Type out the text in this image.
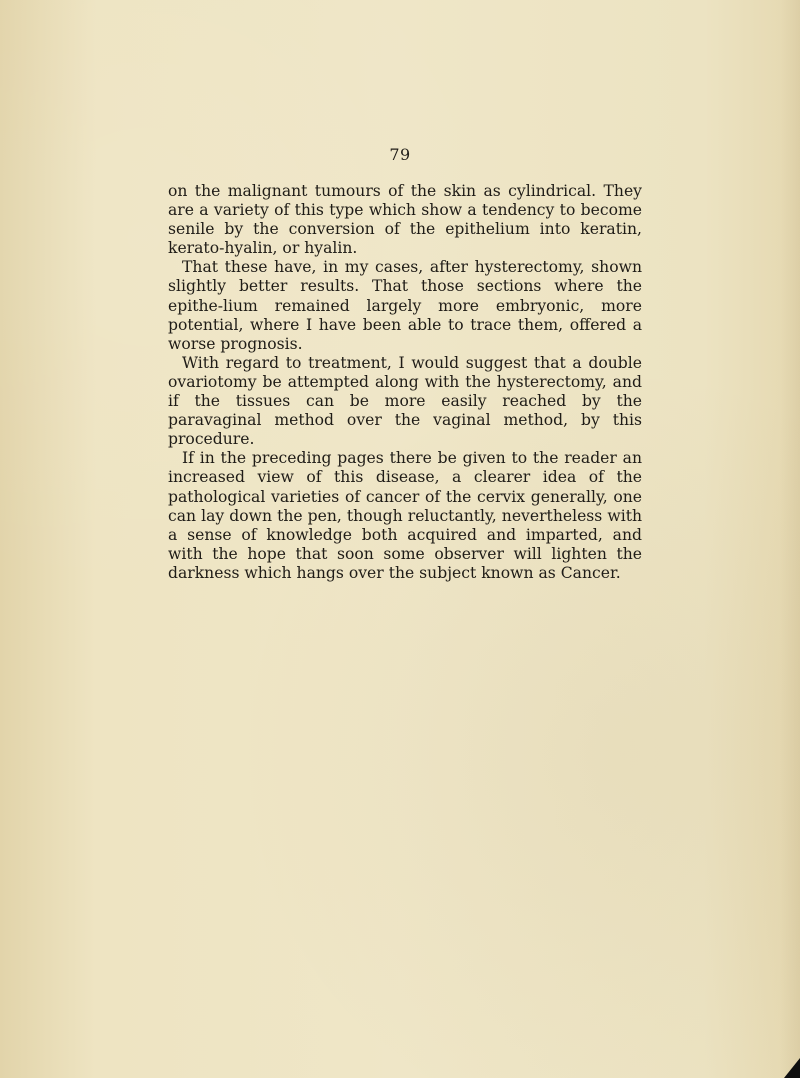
79

on the malignant tumours of the skin as cylindrical. They are a variety of this type which show a tendency to become senile by the conversion of the epithelium into keratin, kerato-hyalin, or hyalin.

That these have, in my cases, after hysterectomy, shown slightly better results. That those sections where the epithe-lium remained largely more embryonic, more potential, where I have been able to trace them, offered a worse prognosis.

With regard to treatment, I would suggest that a double ovariotomy be attempted along with the hysterectomy, and if the tissues can be more easily reached by the paravaginal method over the vaginal method, by this procedure.

If in the preceding pages there be given to the reader an increased view of this disease, a clearer idea of the pathological varieties of cancer of the cervix generally, one can lay down the pen, though reluctantly, nevertheless with a sense of knowledge both acquired and imparted, and with the hope that soon some observer will lighten the darkness which hangs over the subject known as Cancer.
